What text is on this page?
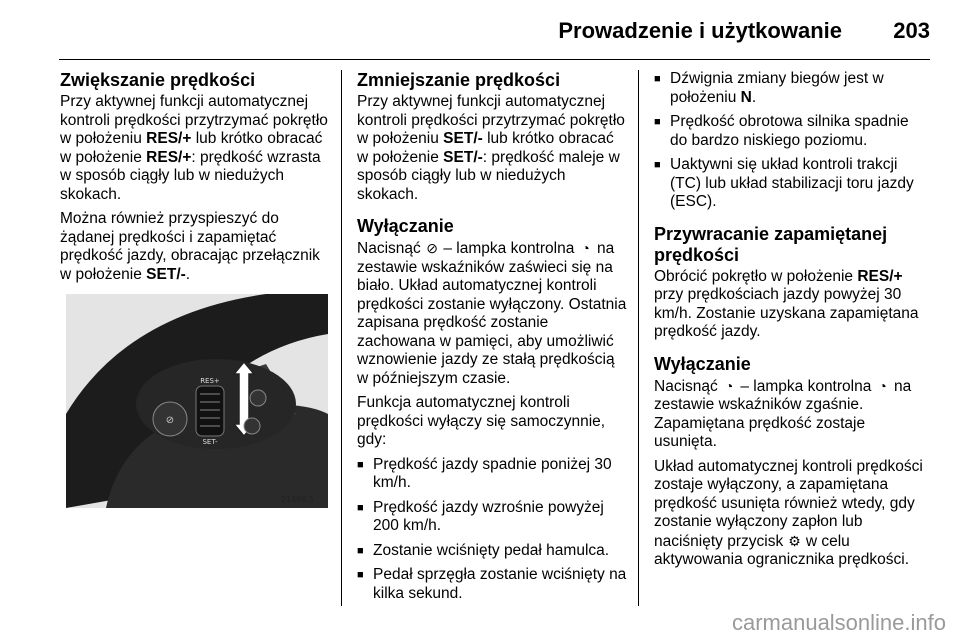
Prowadzenie i użytkowanie 203
Zwiększanie prędkości

Przy aktywnej funkcji automatycznej kontroli prędkości przytrzymać pokrętło w położeniu RES/+ lub krótko obracać w położenie RES/+: prędkość wzrasta w sposób ciągły lub w niedużych skokach.

Można również przyspieszyć do żądanej prędkości i zapamiętać prędkość jazdy, obracając przełącznik w położenie SET/-.

⊘
RES+
SET-
21486 S
Zmniejszanie prędkości

Przy aktywnej funkcji automatycznej kontroli prędkości przytrzymać pokrętło w położeniu SET/- lub krótko obracać w położenie SET/-: prędkość maleje w sposób ciągły lub w niedużych skokach.

Wyłączanie

Nacisnąć ⊘ – lampka kontrolna ◔ na zestawie wskaźników zaświeci się na biało. Układ automatycznej kontroli prędkości zostanie wyłączony. Ostatnia zapisana prędkość zostanie zachowana w pamięci, aby umożliwić wznowienie jazdy ze stałą prędkością w późniejszym czasie.

Funkcja automatycznej kontroli prędkości wyłączy się samoczynnie, gdy:

■ Prędkość jazdy spadnie poniżej 30 km/h.
■ Prędkość jazdy wzrośnie powyżej 200 km/h.
■ Zostanie wciśnięty pedał hamulca.
■ Pedał sprzęgła zostanie wciśnięty na kilka sekund.
■ Dźwignia zmiany biegów jest w położeniu N.
■ Prędkość obrotowa silnika spadnie do bardzo niskiego poziomu.
■ Uaktywni się układ kontroli trakcji (TC) lub układ stabilizacji toru jazdy (ESC).
Przywracanie zapamiętanej prędkości

Obrócić pokrętło w położenie RES/+ przy prędkościach jazdy powyżej 30 km/h. Zostanie uzyskana zapamiętana prędkość jazdy.

Wyłączanie

Nacisnąć ◔ – lampka kontrolna ◔ na zestawie wskaźników zgaśnie. Zapamiętana prędkość zostaje usunięta.

Układ automatycznej kontroli prędkości zostaje wyłączony, a zapamiętana prędkość usunięta również wtedy, gdy zostanie wyłączony zapłon lub naciśnięty przycisk ⚙ w celu aktywowania ogranicznika prędkości.

carmanualsonline.info
